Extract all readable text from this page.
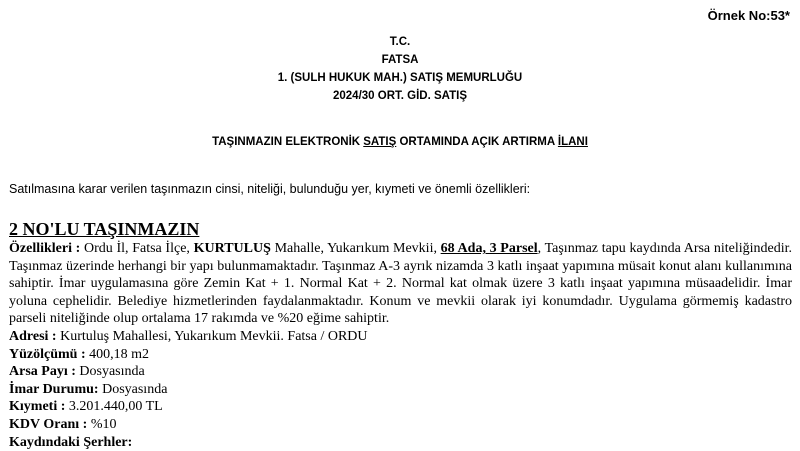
Örnek No:53*

T.C.
FATSA
1. (SULH HUKUK MAH.) SATIŞ MEMURLUĞU
2024/30 ORT. GİD. SATIŞ
TAŞINMAZIN ELEKTRONİK SATIŞ ORTAMINDA AÇIK ARTIRMA İLANI
Satılmasına karar verilen taşınmazın cinsi, niteliği, bulunduğu yer, kıymeti ve önemli özellikleri:

2 NO'LU TAŞINMAZIN

Özellikleri : Ordu İl, Fatsa İlçe, KURTULUŞ Mahalle, Yukarıkum Mevkii, 68 Ada, 3 Parsel, Taşınmaz tapu kaydında Arsa niteliğindedir. Taşınmaz üzerinde herhangi bir yapı bulunmamaktadır. Taşınmaz A-3 ayrık nizamda 3 katlı inşaat yapımına müsait konut alanı kullanımına sahiptir. İmar uygulamasına göre Zemin Kat + 1. Normal Kat + 2. Normal kat olmak üzere 3 katlı inşaat yapımına müsaadelidir. İmar yoluna cephelidir. Belediye hizmetlerinden faydalanmaktadır. Konum ve mevkii olarak iyi konumdadır. Uygulama görmemiş kadastro parseli niteliğinde olup ortalama 17 rakımda ve %20 eğime sahiptir.

Adresi : Kurtuluş Mahallesi, Yukarıkum Mevkii. Fatsa / ORDU

Yüzölçümü : 400,18 m2

Arsa Payı : Dosyasında

İmar Durumu: Dosyasında

Kıymeti : 3.201.440,00 TL

KDV Oranı : %10

Kaydındaki Şerhler:
